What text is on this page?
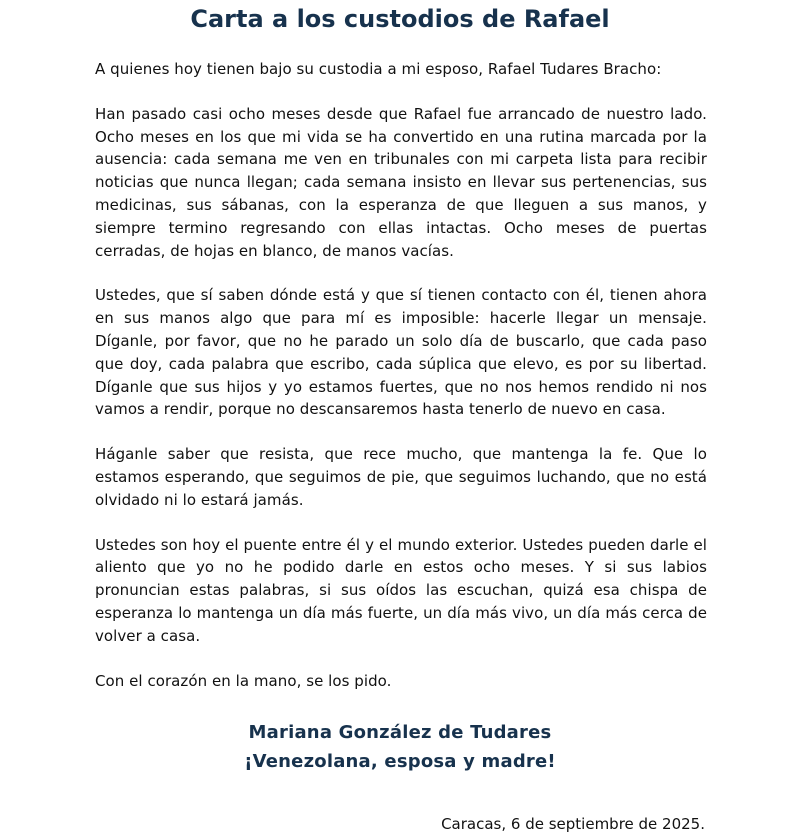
Carta a los custodios de Rafael

A quienes hoy tienen bajo su custodia a mi esposo, Rafael Tudares Bracho:

Han pasado casi ocho meses desde que Rafael fue arrancado de nuestro lado. Ocho meses en los que mi vida se ha convertido en una rutina marcada por la ausencia: cada semana me ven en tribunales con mi carpeta lista para recibir noticias que nunca llegan; cada semana insisto en llevar sus pertenencias, sus medicinas, sus sábanas, con la esperanza de que lleguen a sus manos, y siempre termino regresando con ellas intactas. Ocho meses de puertas cerradas, de hojas en blanco, de manos vacías.

Ustedes, que sí saben dónde está y que sí tienen contacto con él, tienen ahora en sus manos algo que para mí es imposible: hacerle llegar un mensaje. Díganle, por favor, que no he parado un solo día de buscarlo, que cada paso que doy, cada palabra que escribo, cada súplica que elevo, es por su libertad. Díganle que sus hijos y yo estamos fuertes, que no nos hemos rendido ni nos vamos a rendir, porque no descansaremos hasta tenerlo de nuevo en casa.

Háganle saber que resista, que rece mucho, que mantenga la fe. Que lo estamos esperando, que seguimos de pie, que seguimos luchando, que no está olvidado ni lo estará jamás.

Ustedes son hoy el puente entre él y el mundo exterior. Ustedes pueden darle el aliento que yo no he podido darle en estos ocho meses. Y si sus labios pronuncian estas palabras, si sus oídos las escuchan, quizá esa chispa de esperanza lo mantenga un día más fuerte, un día más vivo, un día más cerca de volver a casa.

Con el corazón en la mano, se los pido.

Mariana González de Tudares
¡Venezolana, esposa y madre!
Caracas, 6 de septiembre de 2025.
